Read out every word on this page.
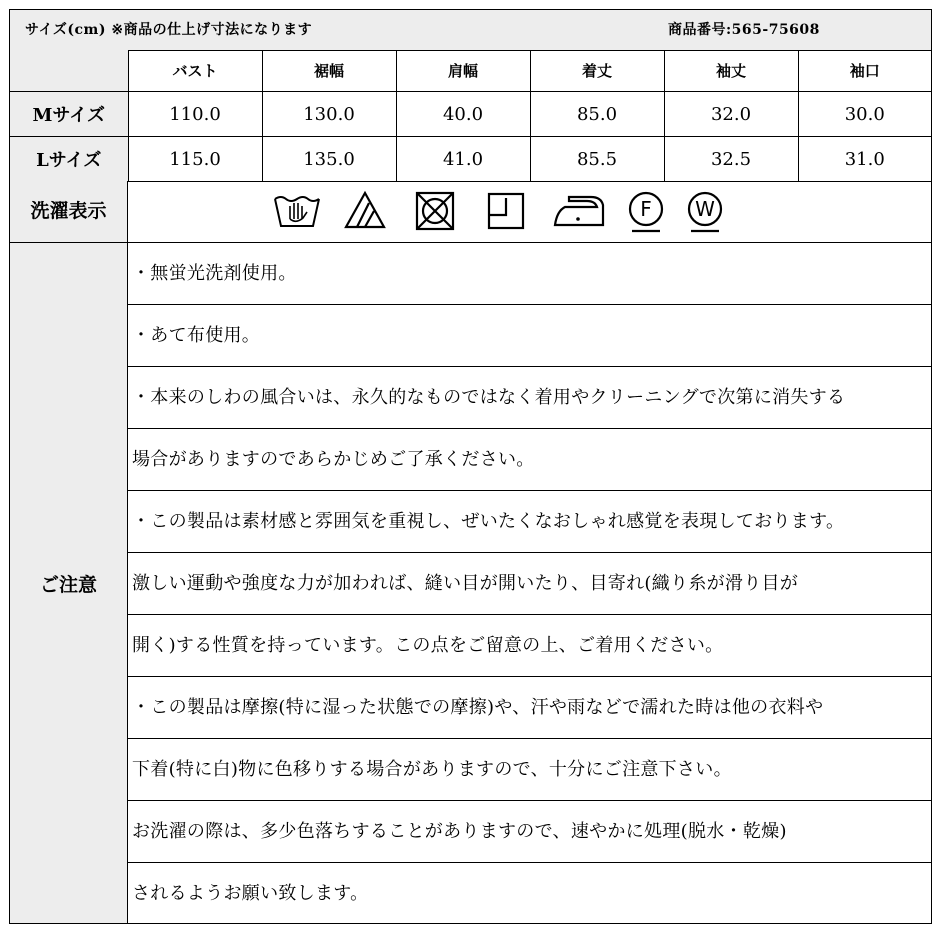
サイズ(cm) ※商品の仕上げ寸法になります	商品番号:565-75608
	バスト	裾幅	肩幅	着丈	袖丈	袖口
Mサイズ	110.0	130.0	40.0	85.0	32.0	30.0
Lサイズ	115.0	135.0	41.0	85.5	32.5	31.0
洗濯表示	F W
ご注意
・無蛍光洗剤使用。
・あて布使用。
・本来のしわの風合いは、永久的なものではなく着用やクリーニングで次第に消失する
場合がありますのであらかじめご了承ください。
・この製品は素材感と雰囲気を重視し、ぜいたくなおしゃれ感覚を表現しております。
激しい運動や強度な力が加われば、縫い目が開いたり、目寄れ(織り糸が滑り目が
開く)する性質を持っています。この点をご留意の上、ご着用ください。
・この製品は摩擦(特に湿った状態での摩擦)や、汗や雨などで濡れた時は他の衣料や
下着(特に白)物に色移りする場合がありますので、十分にご注意下さい。
お洗濯の際は、多少色落ちすることがありますので、速やかに処理(脱水・乾燥)
されるようお願い致します。
